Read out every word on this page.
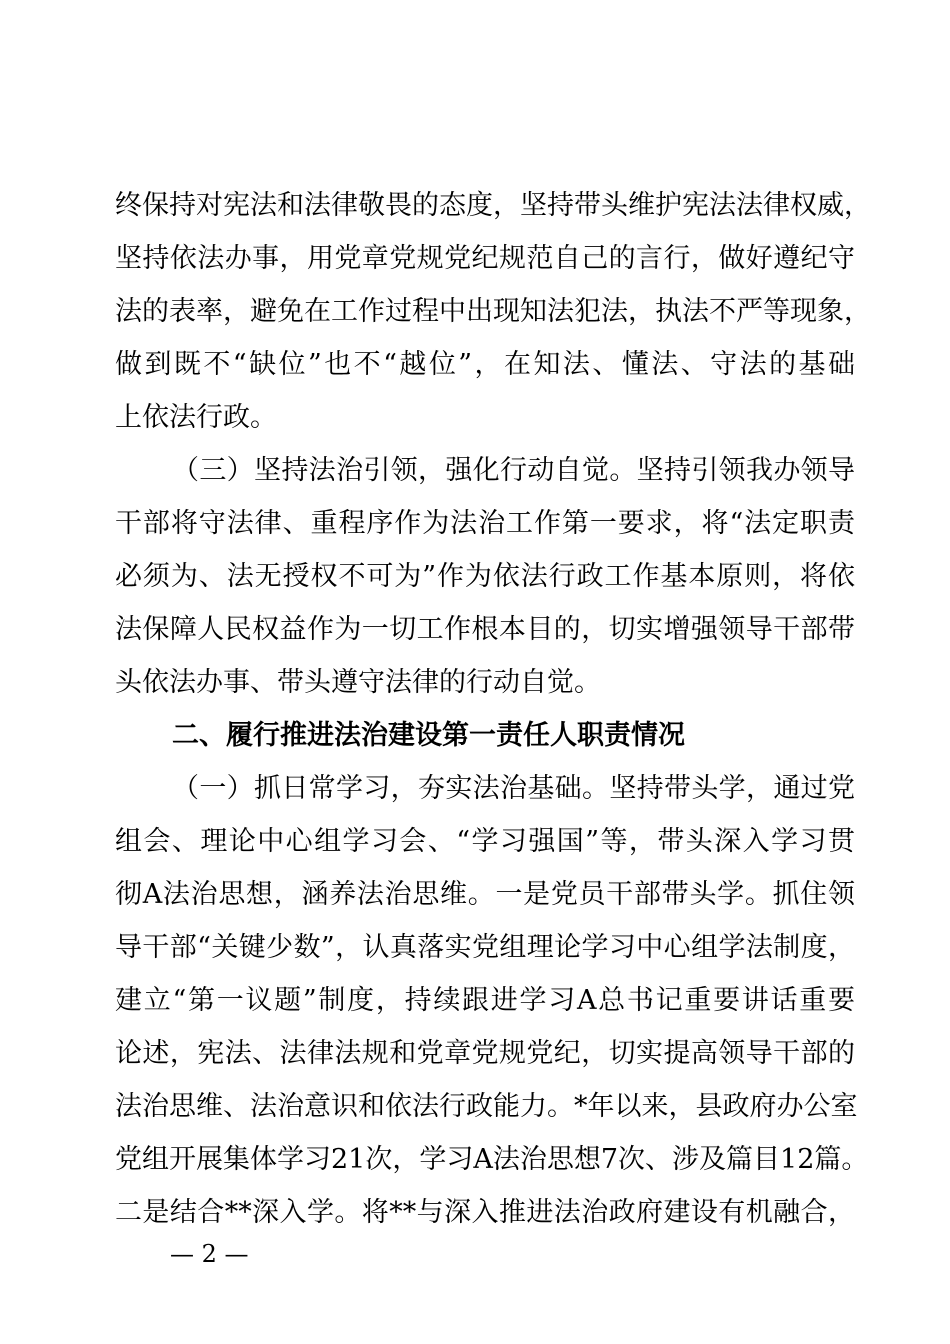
终保持对宪法和法律敬畏的态度，坚持带头维护宪法法律权威，
坚持依法办事，用党章党规党纪规范自己的言行，做好遵纪守
法的表率，避免在工作过程中出现知法犯法，执法不严等现象，
做到既不“缺位”也不“越位”，在知法、懂法、守法的基础
上依法行政。
（三）坚持法治引领，强化行动自觉。坚持引领我办领导
干部将守法律、重程序作为法治工作第一要求，将“法定职责
必须为、法无授权不可为”作为依法行政工作基本原则，将依
法保障人民权益作为一切工作根本目的，切实增强领导干部带
头依法办事、带头遵守法律的行动自觉。
二、履行推进法治建设第一责任人职责情况
（一）抓日常学习，夯实法治基础。坚持带头学，通过党
组会、理论中心组学习会、“学习强国”等，带头深入学习贯
彻A法治思想，涵养法治思维。一是党员干部带头学。抓住领
导干部“关键少数”，认真落实党组理论学习中心组学法制度，
建立“第一议题”制度，持续跟进学习A总书记重要讲话重要
论述，宪法、法律法规和党章党规党纪，切实提高领导干部的
法治思维、法治意识和依法行政能力。*年以来，县政府办公室
党组开展集体学习21次，学习A法治思想7次、涉及篇目12篇。
二是结合**深入学。将**与深入推进法治政府建设有机融合，
— 2 —
